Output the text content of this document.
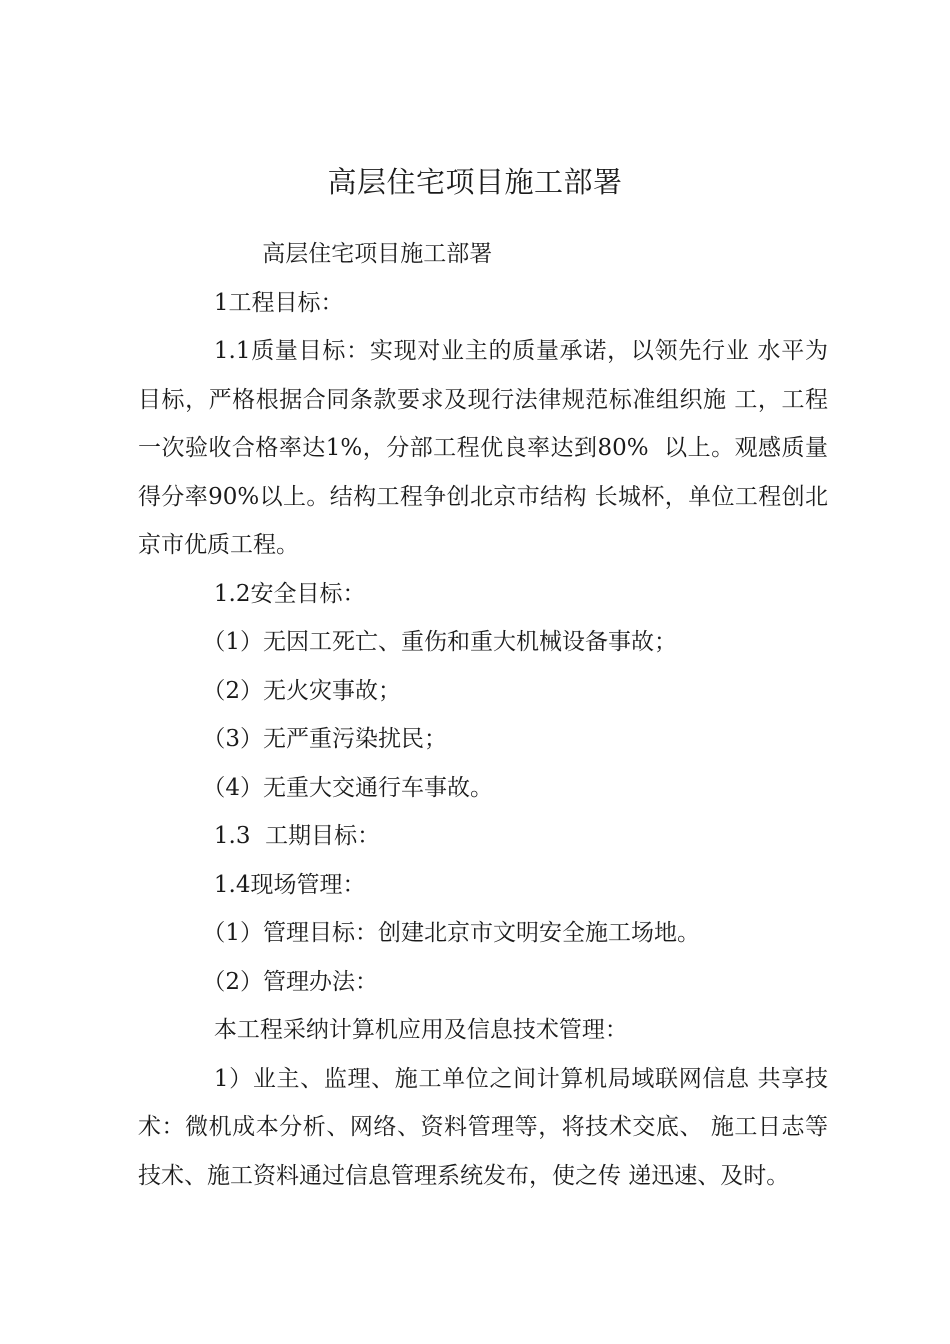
高层住宅项目施工部署

高层住宅项目施工部署

1工程目标：

1.1质量目标：实现对业主的质量承诺，以领先行业 水平为目标，严格根据合同条款要求及现行法律规范标准组织施 工，工程一次验收合格率达1%，分部工程优良率达到80%  以上。观感质量得分率90%以上。结构工程争创北京市结构 长城杯，单位工程创北京市优质工程。

1.2安全目标：

（1）无因工死亡、重伤和重大机械设备事故；

（2）无火灾事故；

（3）无严重污染扰民；

（4）无重大交通行车事故。

1.3  工期目标：

1.4现场管理：

（1）管理目标：创建北京市文明安全施工场地。

（2）管理办法：

本工程采纳计算机应用及信息技术管理：

1）业主、监理、施工单位之间计算机局域联网信息 共享技术：微机成本分析、网络、资料管理等，将技术交底、 施工日志等技术、施工资料通过信息管理系统发布，使之传 递迅速、及时。
